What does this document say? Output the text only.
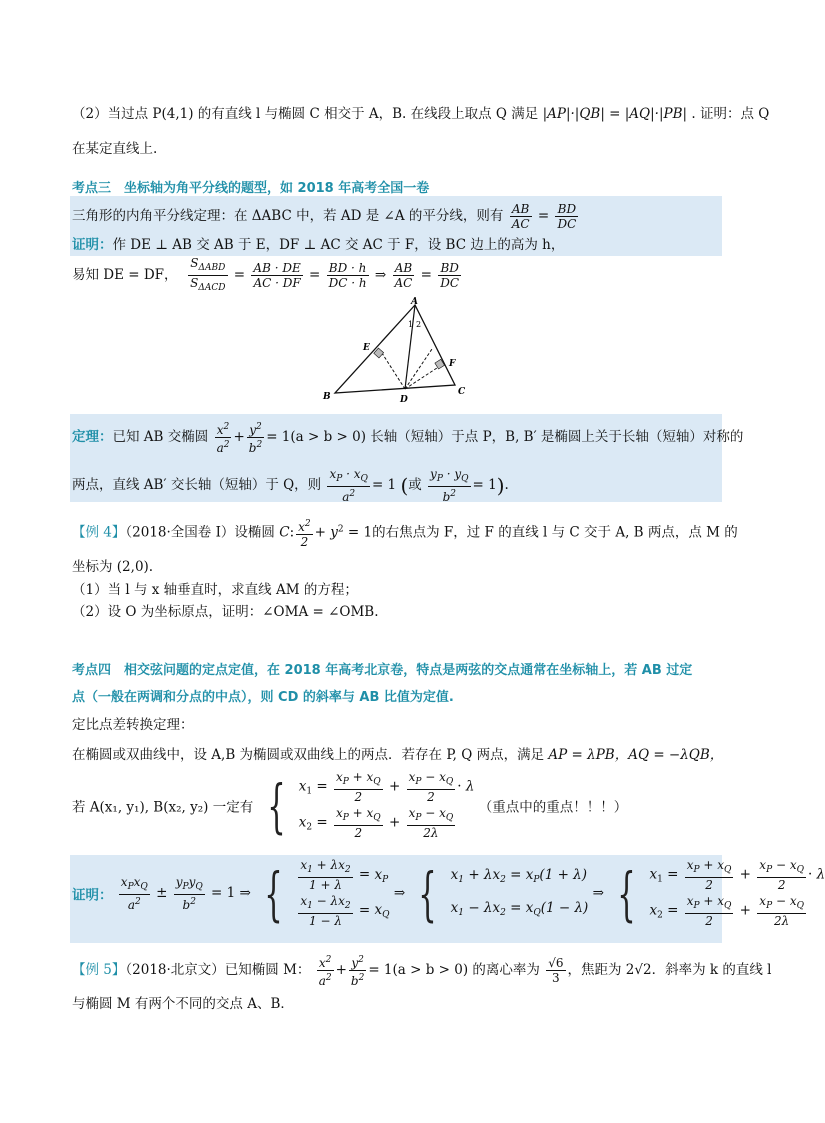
（2）当过点 P(4,1) 的有直线 l 与椭圆 C 相交于 A，B. 在线段上取点 Q 满足 |AP|·|QB| = |AQ|·|PB| . 证明：点 Q
在某定直线上.
考点三　坐标轴为角平分线的题型，如 2018 年高考全国一卷
三角形的内角平分线定理：在 ΔABC 中，若 AD 是 ∠A 的平分线，则有 $\frac{AB}{AC} = \frac{BD}{DC}$
证明：作 DE ⊥ AB 交 AB 于 E，DF ⊥ AC 交 AC 于 F，设 BC 边上的高为 h，
易知 DE = DF， $\frac{S_{\Delta ABD}}{S_{\Delta ACD}} = \frac{AB \cdot DE}{AC \cdot DF} = \frac{BD \cdot h}{DC \cdot h}$ ⇒ $\frac{AB}{AC} = \frac{BD}{DC}$
A
B	C
D
E
F
1 2
定理：已知 AB 交椭圆 $\frac{x^2}{a^2} + \frac{y^2}{b^2} = 1(a > b > 0)$ 长轴（短轴）于点 P，B, B′ 是椭圆上关于长轴（短轴）对称的
两点，直线 AB′ 交长轴（短轴）于 Q，则 $\frac{x_P \cdot x_Q}{a^2} = 1$ (或 $\frac{y_P \cdot y_Q}{b^2} = 1$).
【例 4】（2018·全国卷 I）设椭圆 C: $\frac{x^2}{2} + y^2 = 1$的右焦点为 F，过 F 的直线 l 与 C 交于 A, B 两点，点 M 的
坐标为 (2,0).
（1）当 l 与 x 轴垂直时，求直线 AM 的方程；
（2）设 O 为坐标原点，证明：∠OMA = ∠OMB.
考点四　相交弦问题的定点定值，在 2018 年高考北京卷，特点是两弦的交点通常在坐标轴上，若 AB 过定
点（一般在两调和分点的中点），则 CD 的斜率与 AB 比值为定值.
定比点差转换定理：
在椭圆或双曲线中，设 A,B 为椭圆或双曲线上的两点．若存在 P, Q 两点，满足 AP = λPB，AQ = −λQB，
若 A(x₁, y₁), B(x₂, y₂) 一定有 { $x_1 = \frac{x_P + x_Q}{2} + \frac{x_P - x_Q}{2} \cdot \lambda$
$x_2 = \frac{x_P + x_Q}{2} + \frac{x_P - x_Q}{2\lambda}$ （重点中的重点！！！）
证明： $\frac{x_Px_Q}{a^2} \pm \frac{y_Py_Q}{b^2} = 1$ ⇒ { $\frac{x_1 + \lambda x_2}{1 + \lambda} = x_P$
$\frac{x_1 - \lambda x_2}{1 - \lambda} = x_Q$
⇒ { $x_1 + \lambda x_2 = x_P(1 + \lambda)$
$x_1 - \lambda x_2 = x_Q(1 - \lambda)$
⇒ { $x_1 = \frac{x_P + x_Q}{2} + \frac{x_P - x_Q}{2} \cdot \lambda$
$x_2 = \frac{x_P + x_Q}{2} + \frac{x_P - x_Q}{2\lambda}$
【例 5】（2018·北京文）已知椭圆 M： $\frac{x^2}{a^2} + \frac{y^2}{b^2} = 1(a > b > 0)$ 的离心率为 $\frac{√6}{3}$ ，焦距为 2√2．斜率为 k 的直线 l
与椭圆 M 有两个不同的交点 A、B．
